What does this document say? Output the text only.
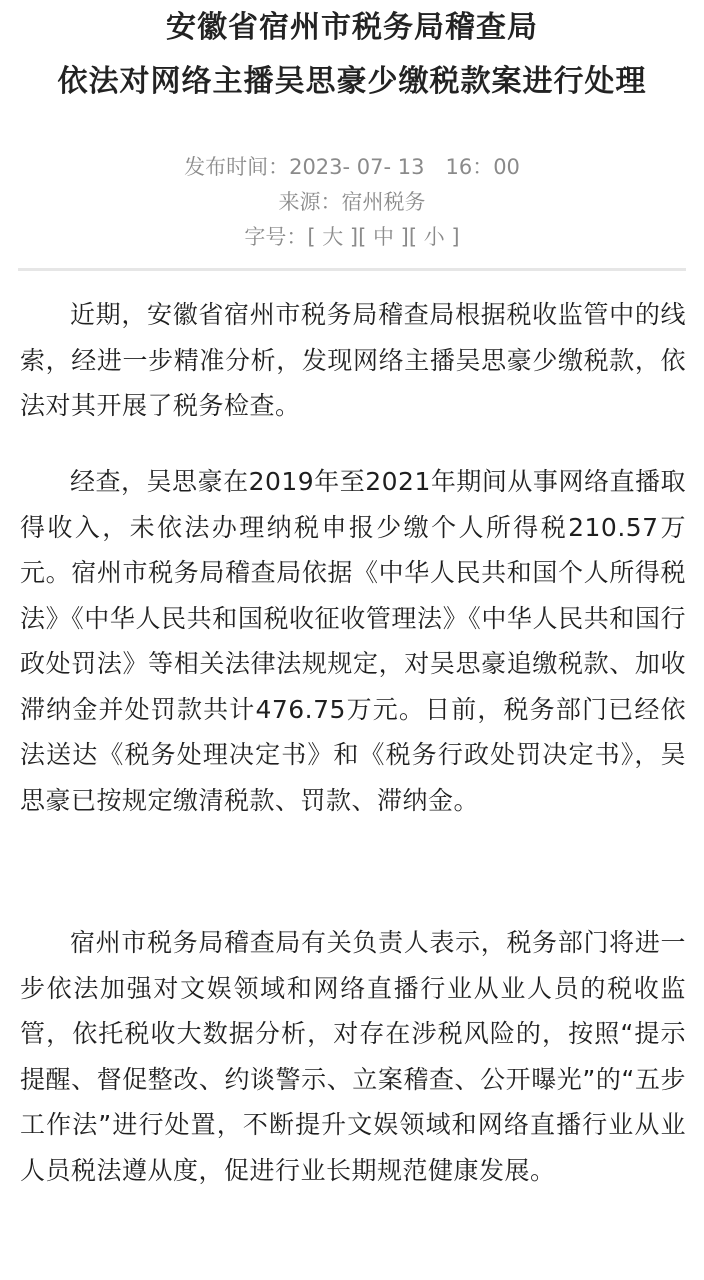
安徽省宿州市税务局稽查局
依法对网络主播吴思豪少缴税款案进行处理
发布时间：2023- 07- 13　16：00
来源：宿州税务
字号：[ 大 ][ 中 ][ 小 ]

近期，安徽省宿州市税务局稽查局根据税收监管中的线索，经进一步精准分析，发现网络主播吴思豪少缴税款，依法对其开展了税务检查。

经查，吴思豪在2019年至2021年期间从事网络直播取得收入，未依法办理纳税申报少缴个人所得税210.57万元。宿州市税务局稽查局依据《中华人民共和国个人所得税法》《中华人民共和国税收征收管理法》《中华人民共和国行政处罚法》等相关法律法规规定，对吴思豪追缴税款、加收滞纳金并处罚款共计476.75万元。日前，税务部门已经依法送达《税务处理决定书》和《税务行政处罚决定书》，吴思豪已按规定缴清税款、罚款、滞纳金。

宿州市税务局稽查局有关负责人表示，税务部门将进一步依法加强对文娱领域和网络直播行业从业人员的税收监管，依托税收大数据分析，对存在涉税风险的，按照“提示提醒、督促整改、约谈警示、立案稽查、公开曝光”的“五步工作法”进行处置，不断提升文娱领域和网络直播行业从业人员税法遵从度，促进行业长期规范健康发展。
